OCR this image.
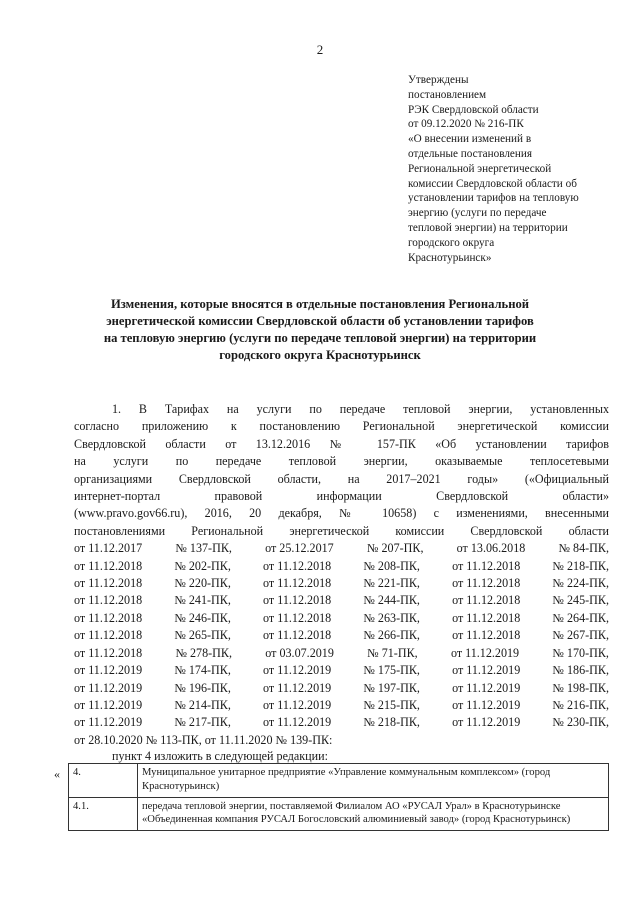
2
Утверждены
постановлением
РЭК Свердловской области
от 09.12.2020 № 216-ПК
«О внесении изменений в
отдельные постановления
Региональной энергетической
комиссии Свердловской области об
установлении тарифов на тепловую
энергию (услуги по передаче
тепловой энергии) на территории
городского округа
Краснотурьинск»
Изменения, которые вносятся в отдельные постановления Региональной
энергетической комиссии Свердловской области об установлении тарифов
на тепловую энергию (услуги по передаче тепловой энергии) на территории
городского округа Краснотурьинск
1. В Тарифах на услуги по передаче тепловой энергии, установленных
согласно приложению к постановлению Региональной энергетической комиссии
Свердловской области от 13.12.2016 № 157-ПК «Об установлении тарифов
на услуги по передаче тепловой энергии, оказываемые теплосетевыми
организациями Свердловской области, на 2017–2021 годы» («Официальный
интернет-портал правовой информации Свердловской области»
(www.pravo.gov66.ru), 2016, 20 декабря, № 10658) с изменениями, внесенными
постановлениями Региональной энергетической комиссии Свердловской области
от 11.12.2017	№ 137-ПК,	от 25.12.2017	№ 207-ПК,	от 13.06.2018	№ 84-ПК,
от 11.12.2018	№ 202-ПК,	от 11.12.2018	№ 208-ПК,	от 11.12.2018	№ 218-ПК,
от 11.12.2018	№ 220-ПК,	от 11.12.2018	№ 221-ПК,	от 11.12.2018	№ 224-ПК,
от 11.12.2018	№ 241-ПК,	от 11.12.2018	№ 244-ПК,	от 11.12.2018	№ 245-ПК,
от 11.12.2018	№ 246-ПК,	от 11.12.2018	№ 263-ПК,	от 11.12.2018	№ 264-ПК,
от 11.12.2018	№ 265-ПК,	от 11.12.2018	№ 266-ПК,	от 11.12.2018	№ 267-ПК,
от 11.12.2018	№ 278-ПК,	от 03.07.2019	№ 71-ПК,	от 11.12.2019	№ 170-ПК,
от 11.12.2019	№ 174-ПК,	от 11.12.2019	№ 175-ПК,	от 11.12.2019	№ 186-ПК,
от 11.12.2019	№ 196-ПК,	от 11.12.2019	№ 197-ПК,	от 11.12.2019	№ 198-ПК,
от 11.12.2019	№ 214-ПК,	от 11.12.2019	№ 215-ПК,	от 11.12.2019	№ 216-ПК,
от 11.12.2019	№ 217-ПК,	от 11.12.2019	№ 218-ПК,	от 11.12.2019	№ 230-ПК,
от 28.10.2020 № 113-ПК, от 11.11.2020 № 139-ПК:
пункт 4 изложить в следующей редакции:
« 4.	Муниципальное унитарное предприятие «Управление коммунальным комплексом» (город Краснотурьинск)
4.1.	передача тепловой энергии, поставляемой Филиалом АО «РУСАЛ Урал» в Краснотурьинске «Объединенная компания РУСАЛ Богословский алюминиевый завод» (город Краснотурьинск)
